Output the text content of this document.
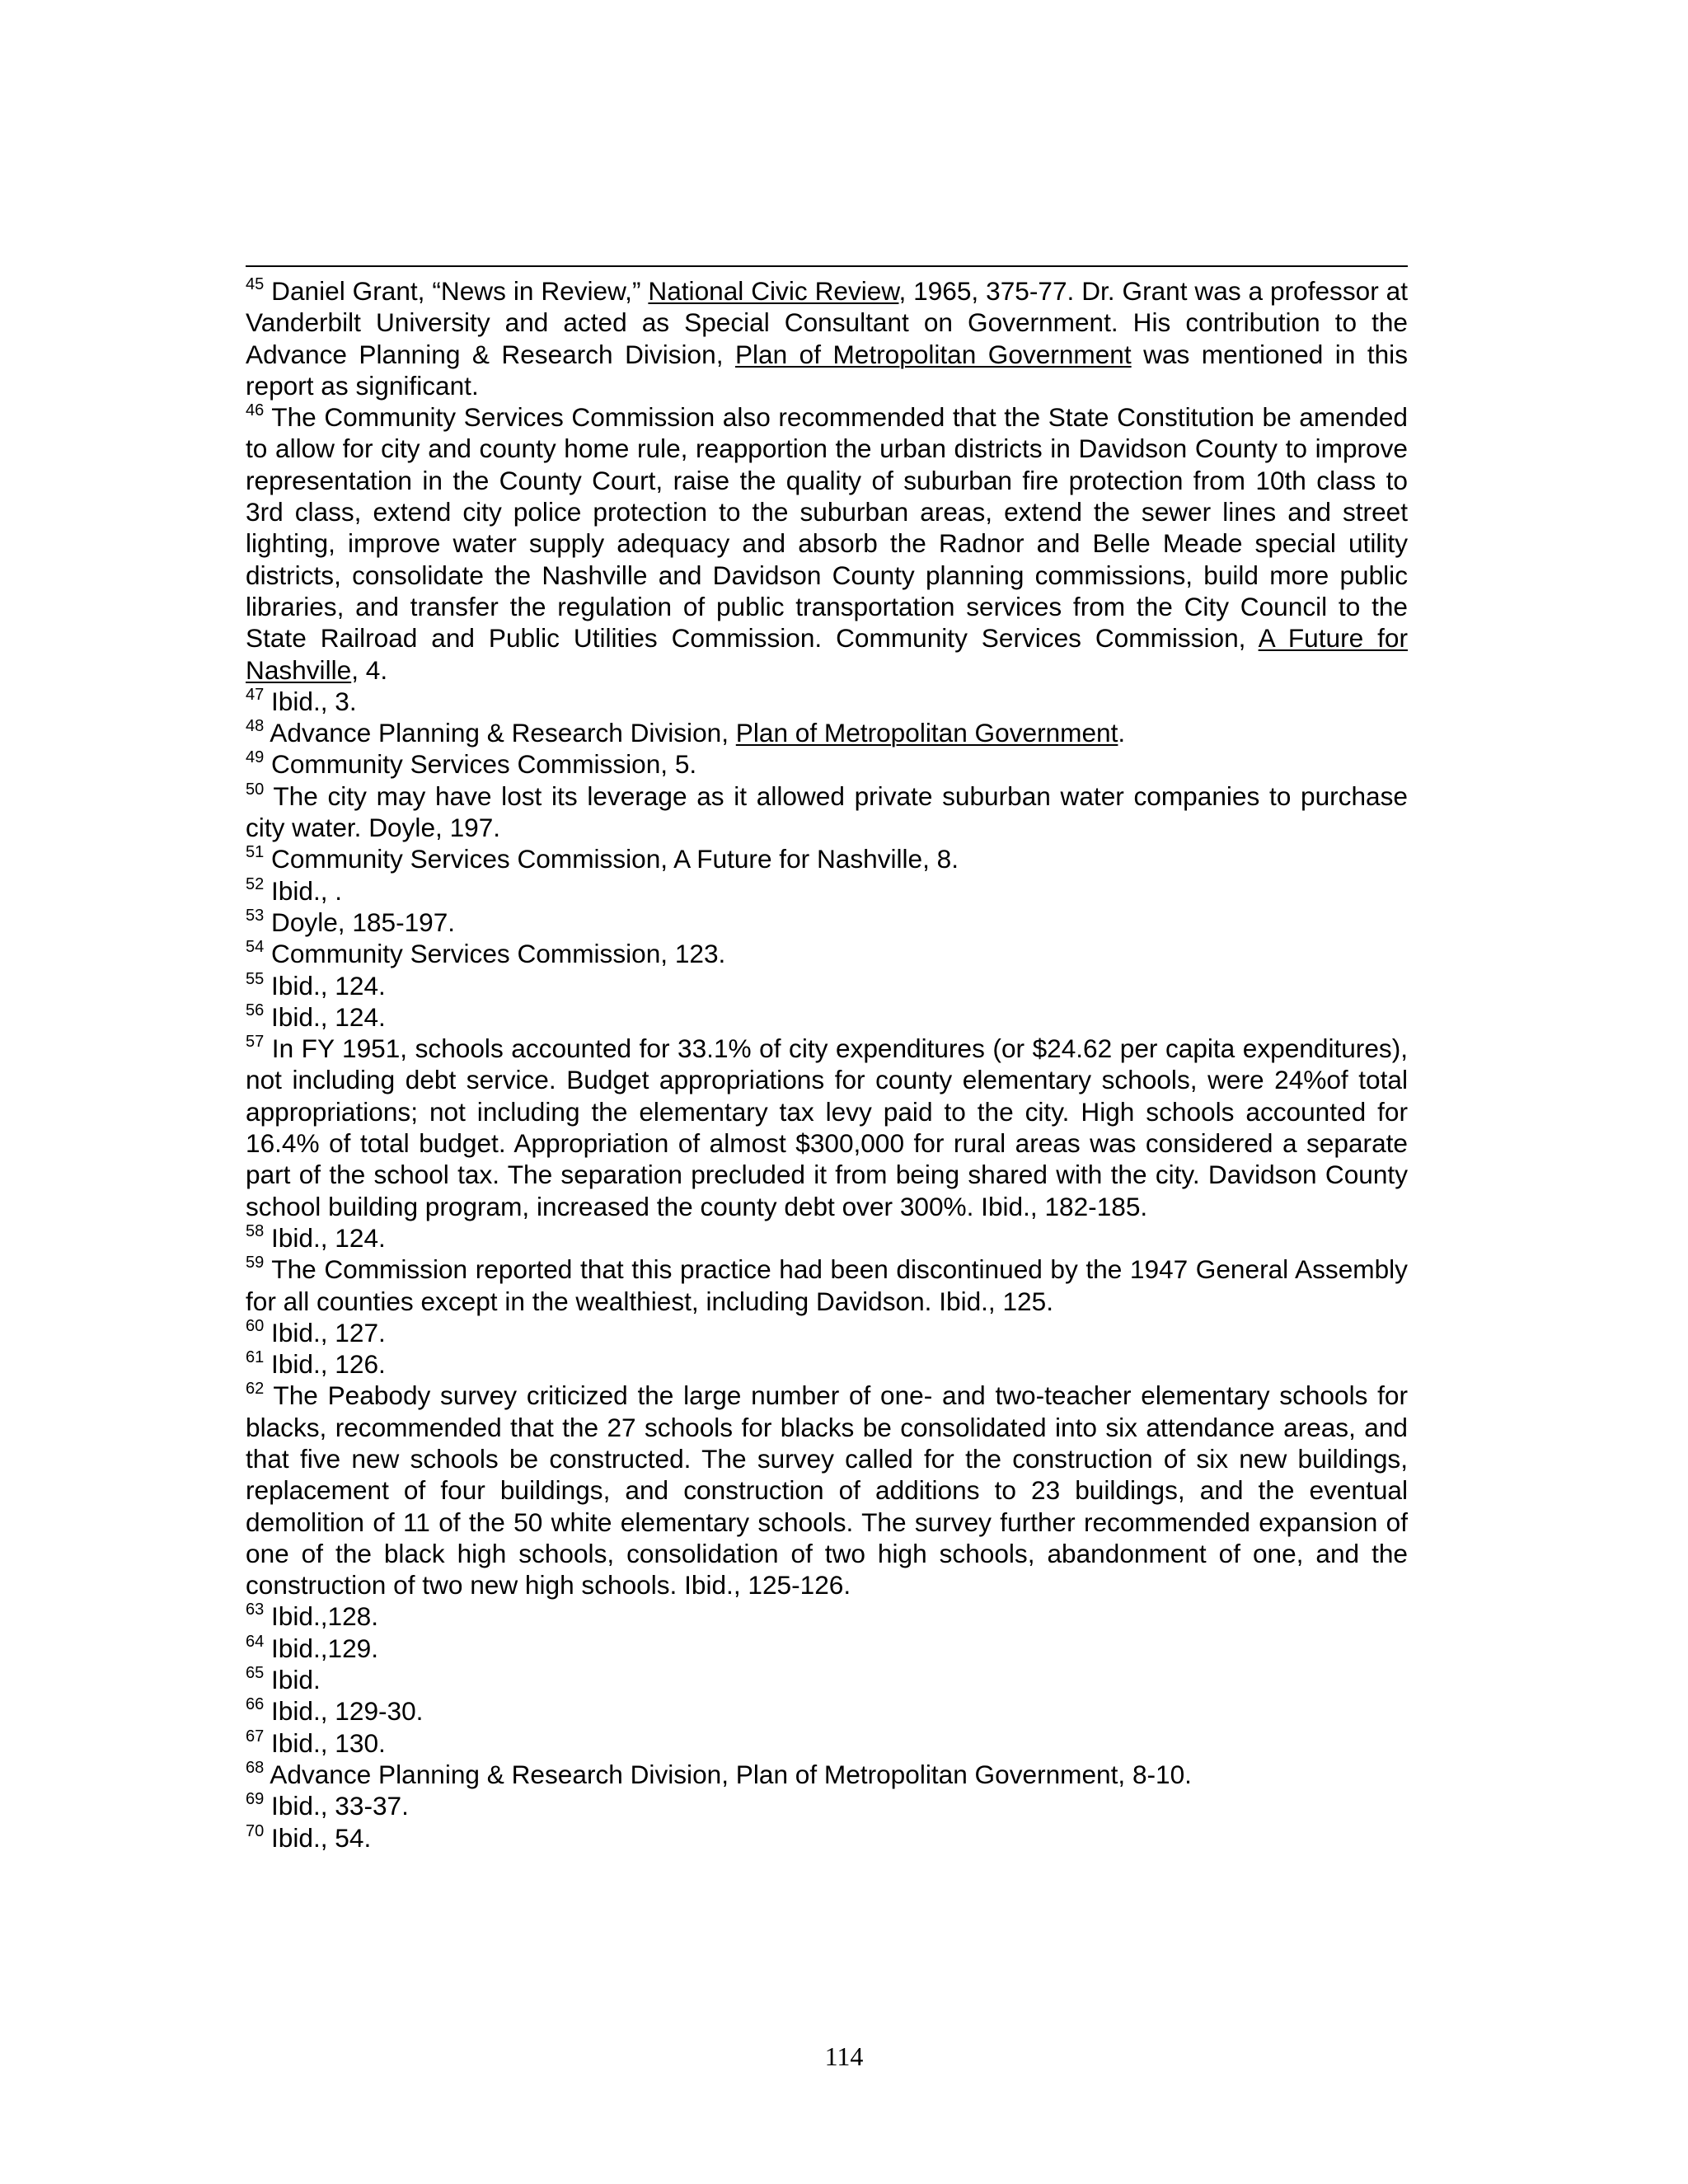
$^{45}$ Daniel Grant, “News in Review,” National Civic Review, 1965, 375-77. Dr. Grant was a professor at Vanderbilt University and acted as Special Consultant on Government. His contribution to the Advance Planning & Research Division, Plan of Metropolitan Government was mentioned in this report as significant.

$^{46}$ The Community Services Commission also recommended that the State Constitution be amended to allow for city and county home rule, reapportion the urban districts in Davidson County to improve representation in the County Court, raise the quality of suburban fire protection from 10th class to 3rd class, extend city police protection to the suburban areas, extend the sewer lines and street lighting, improve water supply adequacy and absorb the Radnor and Belle Meade special utility districts, consolidate the Nashville and Davidson County planning commissions, build more public libraries, and transfer the regulation of public transportation services from the City Council to the State Railroad and Public Utilities Commission. Community Services Commission, A Future for Nashville, 4.

$^{47}$ Ibid., 3.

$^{48}$ Advance Planning & Research Division, Plan of Metropolitan Government.

$^{49}$ Community Services Commission, 5.

$^{50}$ The city may have lost its leverage as it allowed private suburban water companies to purchase city water. Doyle, 197.

$^{51}$ Community Services Commission, A Future for Nashville, 8.

$^{52}$ Ibid., .

$^{53}$ Doyle, 185-197.

$^{54}$ Community Services Commission, 123.

$^{55}$ Ibid., 124.

$^{56}$ Ibid., 124.

$^{57}$ In FY 1951, schools accounted for 33.1% of city expenditures (or $24.62 per capita expenditures), not including debt service. Budget appropriations for county elementary schools, were 24%of total appropriations; not including the elementary tax levy paid to the city. High schools accounted for 16.4% of total budget. Appropriation of almost $300,000 for rural areas was considered a separate part of the school tax. The separation precluded it from being shared with the city. Davidson County school building program, increased the county debt over 300%. Ibid., 182-185.

$^{58}$ Ibid., 124.

$^{59}$ The Commission reported that this practice had been discontinued by the 1947 General Assembly for all counties except in the wealthiest, including Davidson. Ibid., 125.

$^{60}$ Ibid., 127.

$^{61}$ Ibid., 126.

$^{62}$ The Peabody survey criticized the large number of one- and two-teacher elementary schools for blacks, recommended that the 27 schools for blacks be consolidated into six attendance areas, and that five new schools be constructed. The survey called for the construction of six new buildings, replacement of four buildings, and construction of additions to 23 buildings, and the eventual demolition of 11 of the 50 white elementary schools. The survey further recommended expansion of one of the black high schools, consolidation of two high schools, abandonment of one, and the construction of two new high schools. Ibid., 125-126.

$^{63}$ Ibid.,128.

$^{64}$ Ibid.,129.

$^{65}$ Ibid.

$^{66}$ Ibid., 129-30.

$^{67}$ Ibid., 130.

$^{68}$ Advance Planning & Research Division, Plan of Metropolitan Government, 8-10.

$^{69}$ Ibid., 33-37.

$^{70}$ Ibid., 54.

114
